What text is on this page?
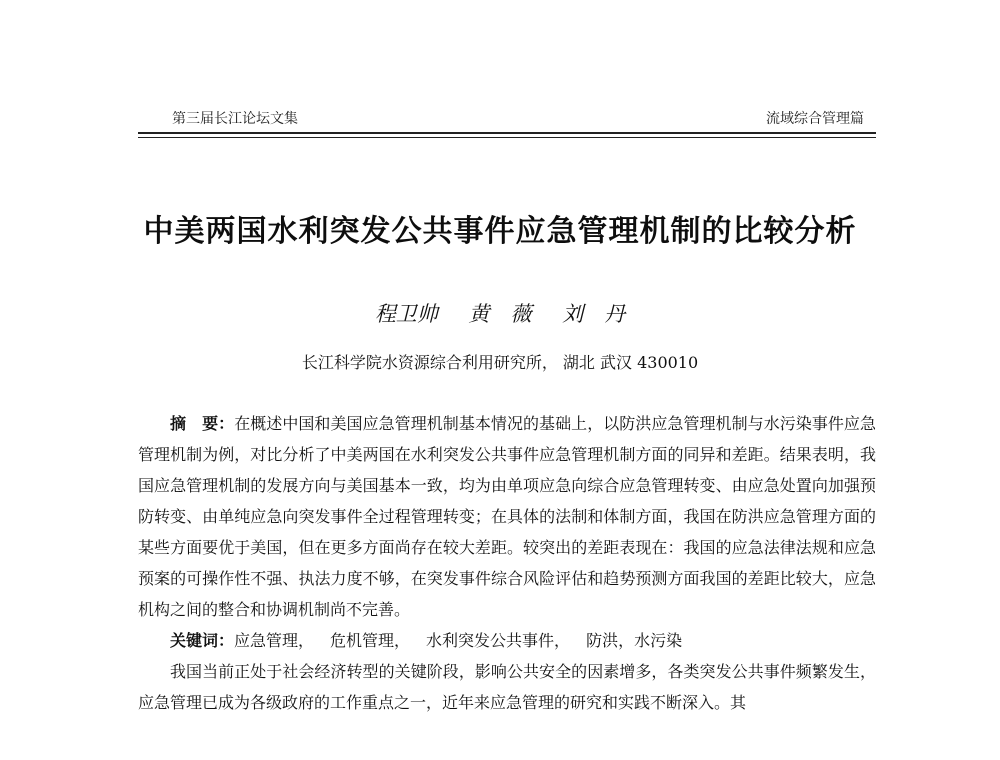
第三届长江论坛文集	流域综合管理篇
中美两国水利突发公共事件应急管理机制的比较分析
程卫帅 黄　薇 刘　丹
长江科学院水资源综合利用研究所， 湖北 武汉 430010

摘　要：在概述中国和美国应急管理机制基本情况的基础上，以防洪应急管理机制与水污染事件应急管理机制为例，对比分析了中美两国在水利突发公共事件应急管理机制方面的同异和差距。结果表明，我国应急管理机制的发展方向与美国基本一致，均为由单项应急向综合应急管理转变、由应急处置向加强预防转变、由单纯应急向突发事件全过程管理转变；在具体的法制和体制方面，我国在防洪应急管理方面的某些方面要优于美国，但在更多方面尚存在较大差距。较突出的差距表现在：我国的应急法律法规和应急预案的可操作性不强、执法力度不够，在突发事件综合风险评估和趋势预测方面我国的差距比较大，应急机构之间的整合和协调机制尚不完善。

关键词：应急管理， 危机管理， 水利突发公共事件， 防洪，水污染

我国当前正处于社会经济转型的关键阶段，影响公共安全的因素增多，各类突发公共事件频繁发生，应急管理已成为各级政府的工作重点之一，近年来应急管理的研究和实践不断深入。其
